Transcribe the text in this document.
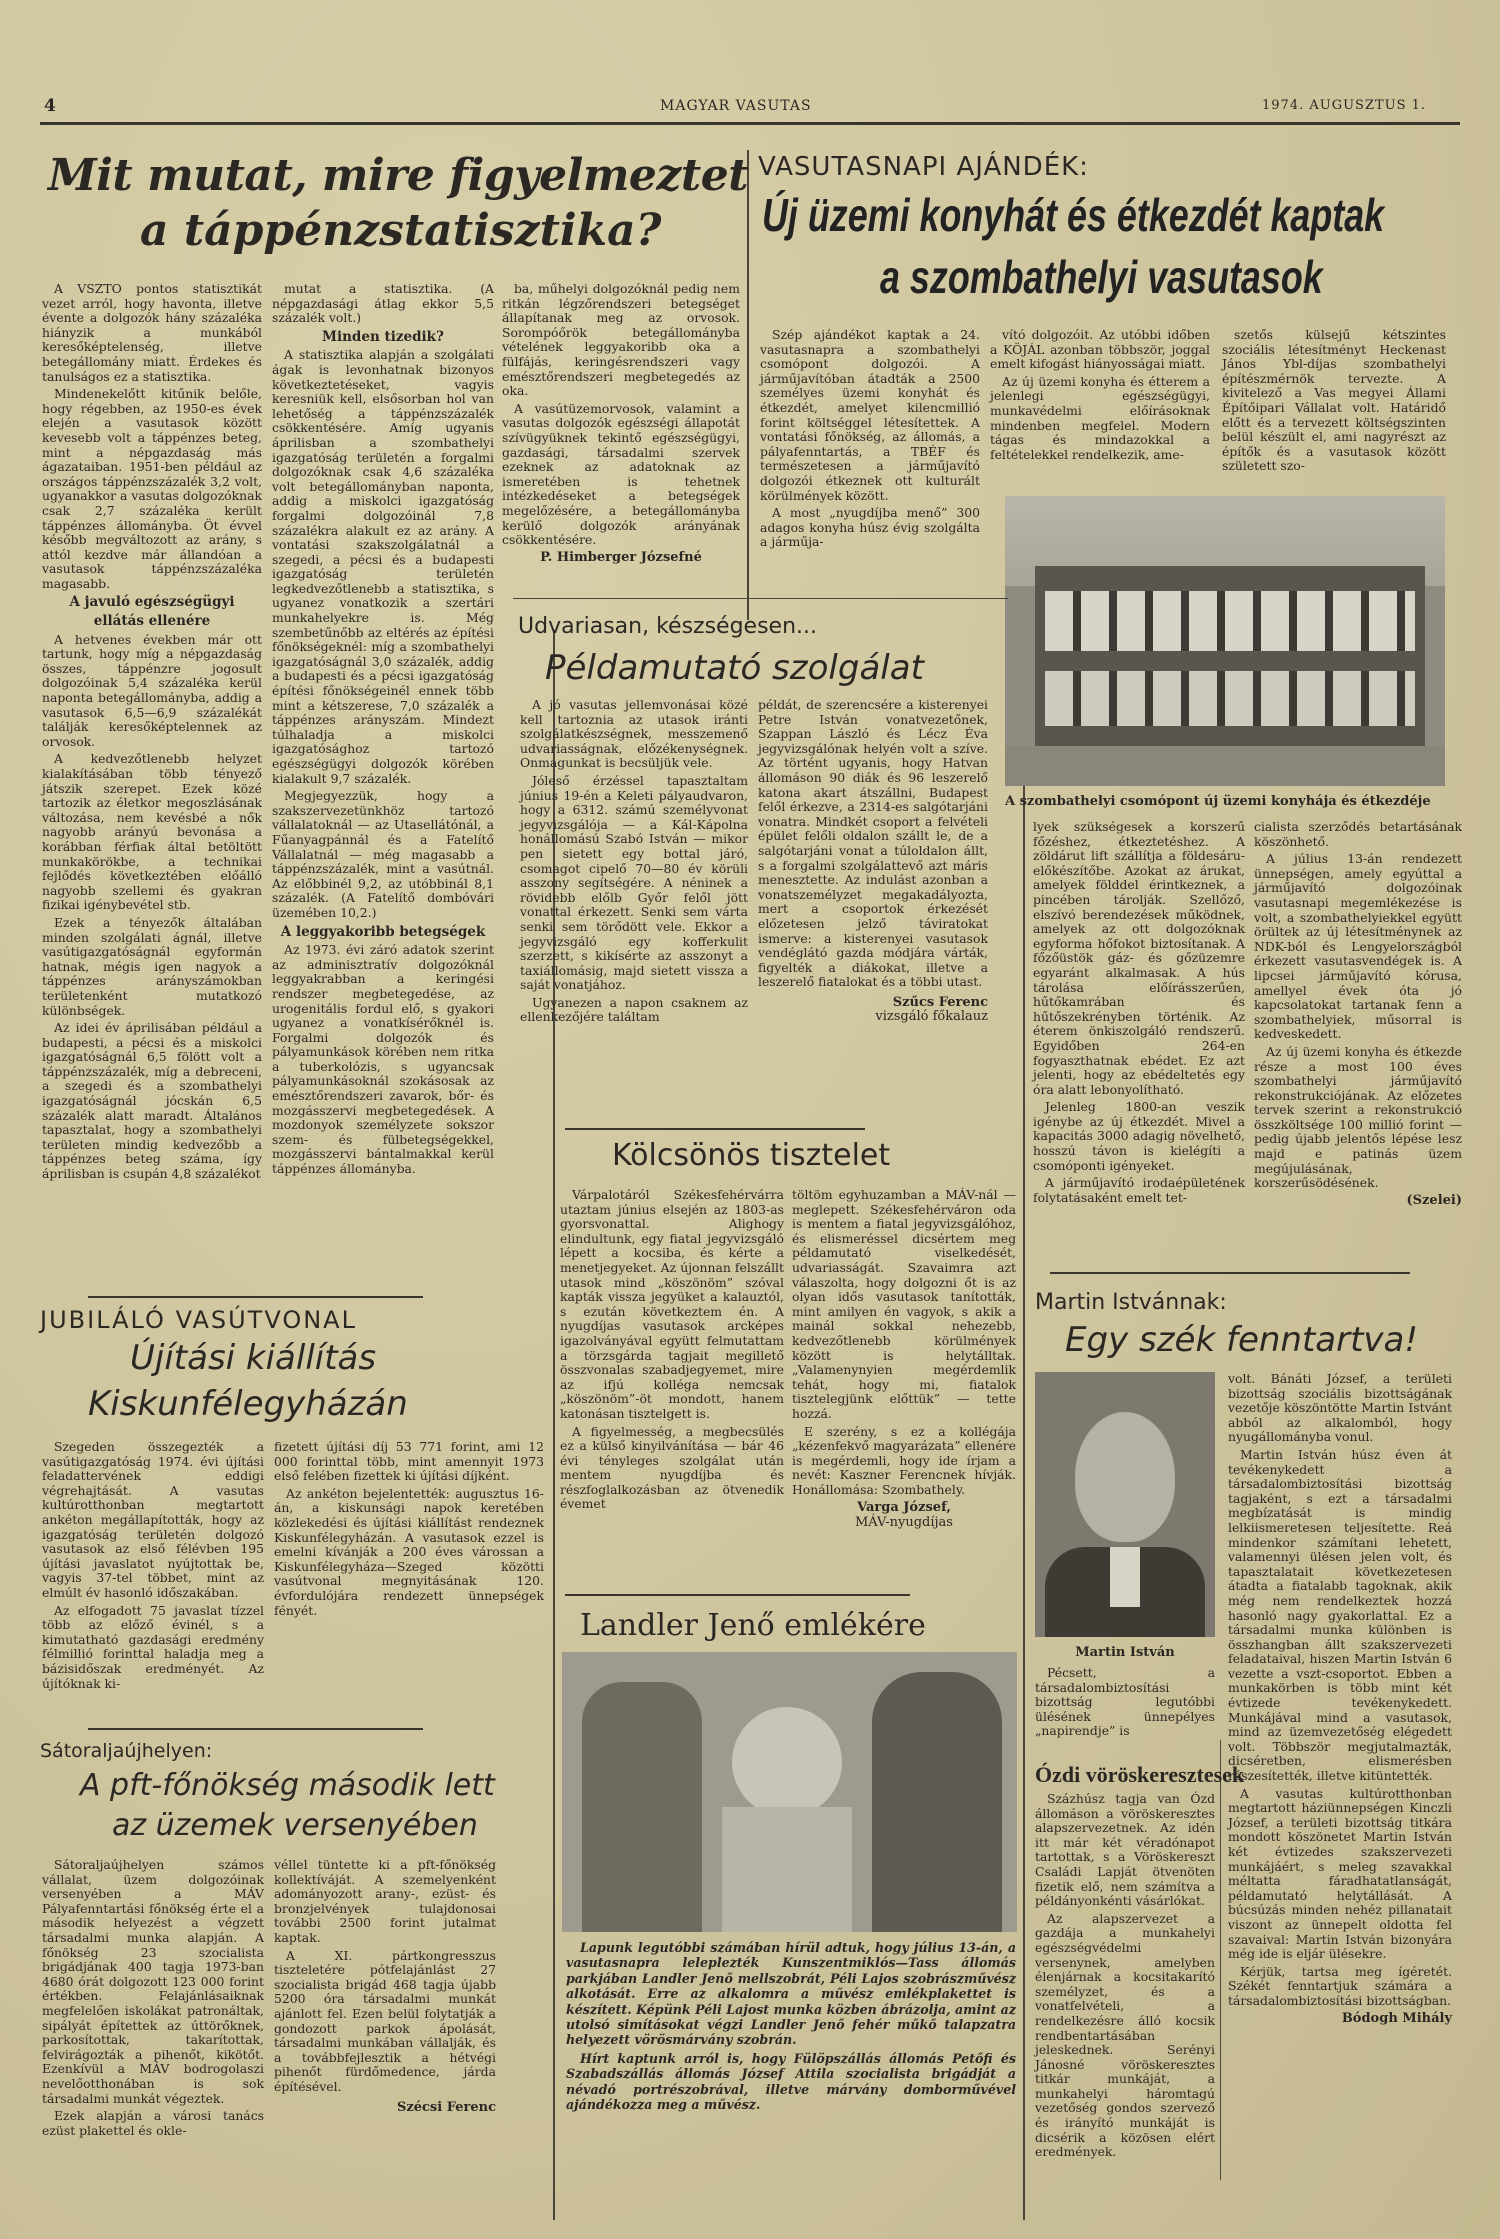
4	MAGYAR VASUTAS	1974. AUGUSZTUS 1.
Mit mutat, mire figyelmeztet
a táppénzstatisztika?

A VSZTO pontos statisztikát vezet arról, hogy havonta, illetve évente a dolgozók hány százaléka hiányzik a munkából keresőképtelenség, illetve betegállomány miatt. Érdekes és tanulságos ez a statisztika.

Mindenekelőtt kitűnik belőle, hogy régebben, az 1950-es évek elején a vasutasok között kevesebb volt a táppénzes beteg, mint a népgazdaság más ágazataiban. 1951-ben például az országos táppénzszázalék 3,2 volt, ugyanakkor a vasutas dolgozóknak csak 2,7 százaléka került táppénzes állományba. Öt évvel később megváltozott az arány, s attól kezdve már állandóan a vasutasok táppénzszázaléka magasabb.

A javuló egészségügyi
ellátás ellenére

A hetvenes években már ott tartunk, hogy míg a népgazdaság összes, táppénzre jogosult dolgozóinak 5,4 százaléka kerül naponta betegállományba, addig a vasutasok 6,5—6,9 százalékát találják keresőképtelennek az orvosok.

A kedvezőtlenebb helyzet kialakításában több tényező játszik szerepet. Ezek közé tartozik az életkor megoszlásának változása, nem kevésbé a nők nagyobb arányú bevonása a korábban férfiak által betöltött munkakörökbe, a technikai fejlődés következtében előálló nagyobb szellemi és gyakran fizikai igénybevétel stb.

Ezek a tényezők általában minden szolgálati ágnál, illetve vasútigazgatóságnál egyformán hatnak, mégis igen nagyok a táppénzes arányszámokban területenként mutatkozó különbségek.

Az idei év áprilisában például a budapesti, a pécsi és a miskolci igazgatóságnál 6,5 fölött volt a táppénzszázalék, míg a debreceni, a szegedi és a szombathelyi igazgatóságnál jócskán 6,5 százalék alatt maradt. Általános tapasztalat, hogy a szombathelyi területen mindig kedvezőbb a táppénzes beteg száma, így áprilisban is csupán 4,8 százalékot

mutat a statisztika. (A népgazdasági átlag ekkor 5,5 százalék volt.)

Minden tizedik?

A statisztika alapján a szolgálati ágak is levonhatnak bizonyos következtetéseket, vagyis keresniük kell, elsősorban hol van lehetőség a táppénzszázalék csökkentésére. Amíg ugyanis áprilisban a szombathelyi igazgatóság területén a forgalmi dolgozóknak csak 4,6 százaléka volt betegállományban naponta, addig a miskolci igazgatóság forgalmi dolgozóinál 7,8 százalékra alakult ez az arány. A vontatási szakszolgálatnál a szegedi, a pécsi és a budapesti igazgatóság területén legkedvezőtlenebb a statisztika, s ugyanez vonatkozik a szertári munkahelyekre is. Még szembetűnőbb az eltérés az építési főnökségeknél: míg a szombathelyi igazgatóságnál 3,0 százalék, addig a budapesti és a pécsi igazgatóság építési főnökségeinél ennek több mint a kétszerese, 7,0 százalék a táppénzes arányszám. Mindezt túlhaladja a miskolci igazgatósághoz tartozó egészségügyi dolgozók körében kialakult 9,7 százalék.

Megjegyezzük, hogy a szakszervezetünkhöz tartozó vállalatoknál — az Utasellátónál, a Fűanyagpánnál és a Fatelítő Vállalatnál — még magasabb a táppénzszázalék, mint a vasútnál. Az előbbinél 9,2, az utóbbinál 8,1 százalék. (A Fatelítő dombóvári üzemében 10,2.)

A leggyakoribb betegségek

Az 1973. évi záró adatok szerint az adminisztratív dolgozóknál leggyakrabban a keringési rendszer megbetegedése, az urogenitális fordul elő, s gyakori ugyanez a vonatkísérőknél is. Forgalmi dolgozók és pályamunkások körében nem ritka a tuberkolózis, s ugyancsak pályamunkásoknál szokásosak az emésztőrendszeri zavarok, bőr- és mozgásszervi megbetegedések. A mozdonyok személyzete sokszor szem- és fülbetegségekkel, mozgásszervi bántalmakkal kerül táppénzes állományba.

ba, műhelyi dolgozóknál pedig nem ritkán légzőrendszeri betegséget állapítanak meg az orvosok. Sorompóőrök betegállományba vételének leggyakoribb oka a fülfájás, keringésrendszeri vagy emésztőrendszeri megbetegedés az oka.

A vasútüzemorvosok, valamint a vasutas dolgozók egészségi állapotát szívügyüknek tekintő egészségügyi, gazdasági, társadalmi szervek ezeknek az adatoknak az ismeretében is tehetnek intézkedéseket a betegségek megelőzésére, a betegállományba kerülő dolgozók arányának csökkentésére.

P. Himberger Józsefné
VASUTASNAPI AJÁNDÉK:
Új üzemi konyhát és étkezdét kaptak
a szombathelyi vasutasok

Szép ajándékot kaptak a 24. vasutasnapra a szombathelyi csomópont dolgozói. A járműjavítóban átadták a 2500 személyes üzemi konyhát és étkezdét, amelyet kilencmillió forint költséggel létesítettek. A vontatási főnökség, az állomás, a pályafenntartás, a TBÉF és természetesen a járműjavító dolgozói étkeznek ott kulturált körülmények között.

A most „nyugdíjba menő” 300 adagos konyha húsz évig szolgálta a járműja-

vító dolgozóit. Az utóbbi időben a KÖJÁL azonban többször, joggal emelt kifogást hiányosságai miatt.

Az új üzemi konyha és étterem a jelenlegi egészségügyi, munkavédelmi előírásoknak mindenben megfelel. Modern tágas és mindazokkal a feltételekkel rendelkezik, ame-

szetős külsejű kétszintes szociális létesítményt Heckenast János Ybl-díjas szombathelyi építészmérnök tervezte. A kivitelező a Vas megyei Állami Építőipari Vállalat volt. Határidő előtt és a tervezett költségszinten belül készült el, ami nagyrészt az építők és a vasutasok között született szo-

A szombathelyi csomópont új üzemi konyhája és étkezdéje

lyek szükségesek a korszerű főzéshez, étkeztetéshez. A zöldárut lift szállítja a földesáru-előkészítőbe. Azokat az árukat, amelyek földdel érintkeznek, a pincében tárolják. Szellőző, elszívó berendezések működnek, amelyek az ott dolgozóknak egyforma hőfokot biztosítanak. A főzőüstök gáz- és gőzüzemre egyaránt alkalmasak. A hús tárolása előírásszerűen, hűtőkamrában és hűtőszekrényben történik. Az éterem önkiszolgáló rendszerű. Egyidőben 264-en fogyaszthatnak ebédet. Ez azt jelenti, hogy az ebédeltetés egy óra alatt lebonyolítható.

Jelenleg 1800-an veszik igénybe az új étkezdét. Mivel a kapacitás 3000 adagig növelhető, hosszú távon is kielégíti a csomóponti igényeket.

A járműjavító irodaépületének folytatásaként emelt tet-

cialista szerződés betartásának köszönhető.

A július 13-án rendezett ünnepségen, amely egyúttal a járműjavító dolgozóinak vasutasnapi megemlékezése is volt, a szombathelyiekkel együtt örültek az új létesítménynek az NDK-ból és Lengyelországból érkezett vasutasvendégek is. A lipcsei járműjavító kórusa, amellyel évek óta jó kapcsolatokat tartanak fenn a szombathelyiek, műsorral is kedveskedett.

Az új üzemi konyha és étkezde része a most 100 éves szombathelyi járműjavító rekonstrukciójának. Az előzetes tervek szerint a rekonstrukció összköltsége 100 millió forint — pedig újabb jelentős lépése lesz majd e patinás üzem megújulásának, korszerűsödésének.

(Szelei)
Udvariasan, készségesen...
Példamutató szolgálat

A jó vasutas jellemvonásai közé kell tartoznia az utasok iránti szolgálatkészségnek, messzemenő udvariasságnak, előzékenységnek. Onmagunkat is becsüljük vele.

Jóleső érzéssel tapasztaltam június 19-én a Keleti pályaudvaron, hogy a 6312. számú személyvonat jegyvizsgálója — a Kál-Kápolna honállomású Szabó István — mikor pen sietett egy bottal járó, csomagot cipelő 70—80 év körüli asszony segítségére. A néninek a rövidebb előlb Győr felől jött vonattal érkezett. Senki sem várta senki sem törődött vele. Ekkor a jegyvizsgáló egy kofferkulit szerzett, s kikísérte az asszonyt a taxiállomásig, majd sietett vissza a saját vonatjához.

Ugyanezen a napon csaknem az ellenkezőjére találtam

példát, de szerencsére a kisterenyei Petre István vonatvezetőnek, Szappan László és Lécz Éva jegyvizsgálónak helyén volt a szíve. Az történt ugyanis, hogy Hatvan állomáson 90 diák és 96 leszerelő katona akart átszállni, Budapest felől érkezve, a 2314-es salgótarjáni vonatra. Mindkét csoport a felvételi épület felőli oldalon szállt le, de a salgótarjáni vonat a túloldalon állt, s a forgalmi szolgálattevő azt máris menesztette. Az indulást azonban a vonatszemélyzet megakadályozta, mert a csoportok érkezését előzetesen jelző táviratokat ismerve: a kisterenyei vasutasok vendéglátó gazda módjára várták, figyelték a diákokat, illetve a leszerelő fiatalokat és a többi utast.

Szűcs Ferenc
vizsgáló főkalauz
Kölcsönös tisztelet

Várpalotáról Székesfehérvárra utaztam június elsején az 1803-as gyorsvonattal. Alighogy elindultunk, egy fiatal jegyvizsgáló lépett a kocsiba, és kérte a menetjegyeket. Az újonnan felszállt utasok mind „köszönöm” szóval kapták vissza jegyüket a kalauztól, s ezután következtem én. A nyugdíjas vasutasok arcképes igazolványával együtt felmutattam a törzsgárda tagjait megillető összvonalas szabadjegyemet, mire az ifjú kolléga nemcsak „köszönöm”-öt mondott, hanem katonásan tisztelgett is.

A figyelmesség, a megbecsülés ez a külső kinyilvánítása — bár 46 évi tényleges szolgálat után mentem nyugdíjba és részfoglalkozásban az ötvenedik évemet

töltöm egyhuzamban a MÁV-nál — meglepett. Székesfehérváron oda is mentem a fiatal jegyvizsgálóhoz, és elismeréssel dicsértem meg példamutató viselkedését, udvariasságát. Szavaimra azt válaszolta, hogy dolgozni őt is az olyan idős vasutasok tanították, mint amilyen én vagyok, s akik a mainál sokkal nehezebb, kedvezőtlenebb körülmények között is helytálltak. „Valamenynyien megérdemlik tehát, hogy mi, fiatalok tisztelegjünk előttük” — tette hozzá.

E szerény, s ez a kollégája „kézenfekvő magyarázata” ellenére is megérdemli, hogy ide írjam a nevét: Kaszner Ferencnek hívják. Honállomása: Szombathely.

Varga József,
MÁV-nyugdíjas
JUBILÁLÓ VASÚTVONAL
Újítási kiállítás
Kiskunfélegyházán

Szegeden összegezték a vasútigazgatóság 1974. évi újítási feladattervének eddigi végrehajtását. A vasutas kultúrotthonban megtartott ankéton megállapították, hogy az igazgatóság területén dolgozó vasutasok az első félévben 195 újítási javaslatot nyújtottak be, vagyis 37-tel többet, mint az elmúlt év hasonló időszakában.

Az elfogadott 75 javaslat tízzel több az előző évinél, s a kimutatható gazdasági eredmény félmillió forinttal haladja meg a bázisidőszak eredményét. Az újítóknak ki-

fizetett újítási díj 53 771 forint, ami 12 000 forinttal több, mint amennyit 1973 első felében fizettek ki újítási díjként.

Az ankéton bejelentették: augusztus 16-án, a kiskunsági napok keretében közlekedési és újítási kiállítást rendeznek Kiskunfélegyházán. A vasutasok ezzel is emelni kívánják a 200 éves várossan a Kiskunfélegyháza—Szeged közötti vasútvonal megnyitásának 120. évfordulójára rendezett ünnepségek fényét.

Sátoraljaújhelyen:
A pft-főnökség második lett
az üzemek versenyében

Sátoraljaújhelyen számos vállalat, üzem dolgozóinak versenyében a MÁV Pályafenntartási főnökség érte el a második helyezést a végzett társadalmi munka alapján. A főnökség 23 szocialista brigádjának 400 tagja 1973-ban 4680 órát dolgozott 123 000 forint értékben. Felajánlásaiknak megfelelően iskolákat patronáltak, sipályát építettek az úttörőknek, parkosítottak, takarítottak, felvirágozták a pihenőt, kikötőt. Ezenkívül a MÁV bodrogolaszi nevelőotthonában is sok társadalmi munkát végeztek.

Ezek alapján a városi tanács ezüst plakettel és okle-

véllel tüntette ki a pft-főnökség kollektíváját. A szemelyenként adományozott arany-, ezüst- és bronzjelvények tulajdonosai további 2500 forint jutalmat kaptak.

A XI. pártkongresszus tiszteletére pótfelajánlást 27 szocialista brigád 468 tagja újabb 5200 óra társadalmi munkát ajánlott fel. Ezen belül folytatják a gondozott parkok ápolását, társadalmi munkában vállalják, és a továbbfejlesztik a hétvégi pihenőt fürdőmedence, járda építésével.

Szécsi Ferenc
Landler Jenő emlékére

Lapunk legutóbbi számában hírül adtuk, hogy július 13-án, a vasutasnapra leleplezték Kunszentmiklós—Tass állomás parkjában Landler Jenő mellszobrát, Péli Lajos szobrászművész alkotását. Erre az alkalomra a művész emlékplakettet is készített. Képünk Péli Lajost munka közben ábrázolja, amint az utolsó simításokat végzi Landler Jenő fehér műkő talapzatra helyezett vörösmárvány szobrán.

Hírt kaptunk arról is, hogy Fülöpszállás állomás Petőfi és Szabadszállás állomás József Attila szocialista brigádját a névadó portrészobrával, illetve márvány domborművével ajándékozza meg a művész.

Martin Istvánnak:
Egy szék fenntartva!
Martin István

Pécsett, a társadalombiztosítási bizottság legutóbbi ülésének ünnepélyes „napirendje” is

volt. Bánáti József, a területi bizottság szociális bizottságának vezetője köszöntötte Martin Istvánt abból az alkalomból, hogy nyugállományba vonul.

Martin István húsz éven át tevékenykedett a társadalombiztosítási bizottság tagjaként, s ezt a társadalmi megbízatását is mindig lelkiismeretesen teljesítette. Reá mindenkor számítani lehetett, valamennyi ülésen jelen volt, és tapasztalatait következetesen átadta a fiatalabb tagoknak, akik még nem rendelkeztek hozzá hasonló nagy gyakorlattal. Ez a társadalmi munka különben is összhangban állt szakszervezeti feladataival, hiszen Martin István 6 vezette a vszt-csoportot. Ebben a munkakörben is több mint két évtizede tevékenykedett. Munkájával mind a vasutasok, mind az üzemvezetőség elégedett volt. Többször megjutalmazták, dicséretben, elismerésben részesítették, illetve kitüntették.

A vasutas kultúrotthonban megtartott háziünnepségen Kinczli József, a területi bizottság titkára mondott köszönetet Martin István két évtizedes szakszervezeti munkájáért, s meleg szavakkal méltatta fáradhatatlanságát, példamutató helytállását. A búcsúzás minden nehéz pillanatait viszont az ünnepelt oldotta fel szavaival: Martin István bizonyára még ide is eljár ülésekre.

Kérjük, tartsa meg ígéretét. Székét fenntartjuk számára a társadalombiztosítási bizottságban.

Bódogh Mihály
Ózdi vöröskeresztesek

Százhúsz tagja van Ózd állomáson a vöröskeresztes alapszervezetnek. Az idén itt már két véradónapot tartottak, s a Vöröskereszt Családi Lapját ötvenöten fizetik elő, nem számítva a példányonkénti vásárlókat.

Az alapszervezet a gazdája a munkahelyi egészségvédelmi versenynek, amelyben élenjárnak a kocsitakarító személyzet, és a vonatfelvételi, a rendelkezésre álló kocsik rendbentartásában jeleskednek. Serényi Jánosné vöröskeresztes titkár munkáját, a munkahelyi háromtagú vezetőség gondos szervező és irányító munkáját is dicsérik a közösen elért eredmények.
